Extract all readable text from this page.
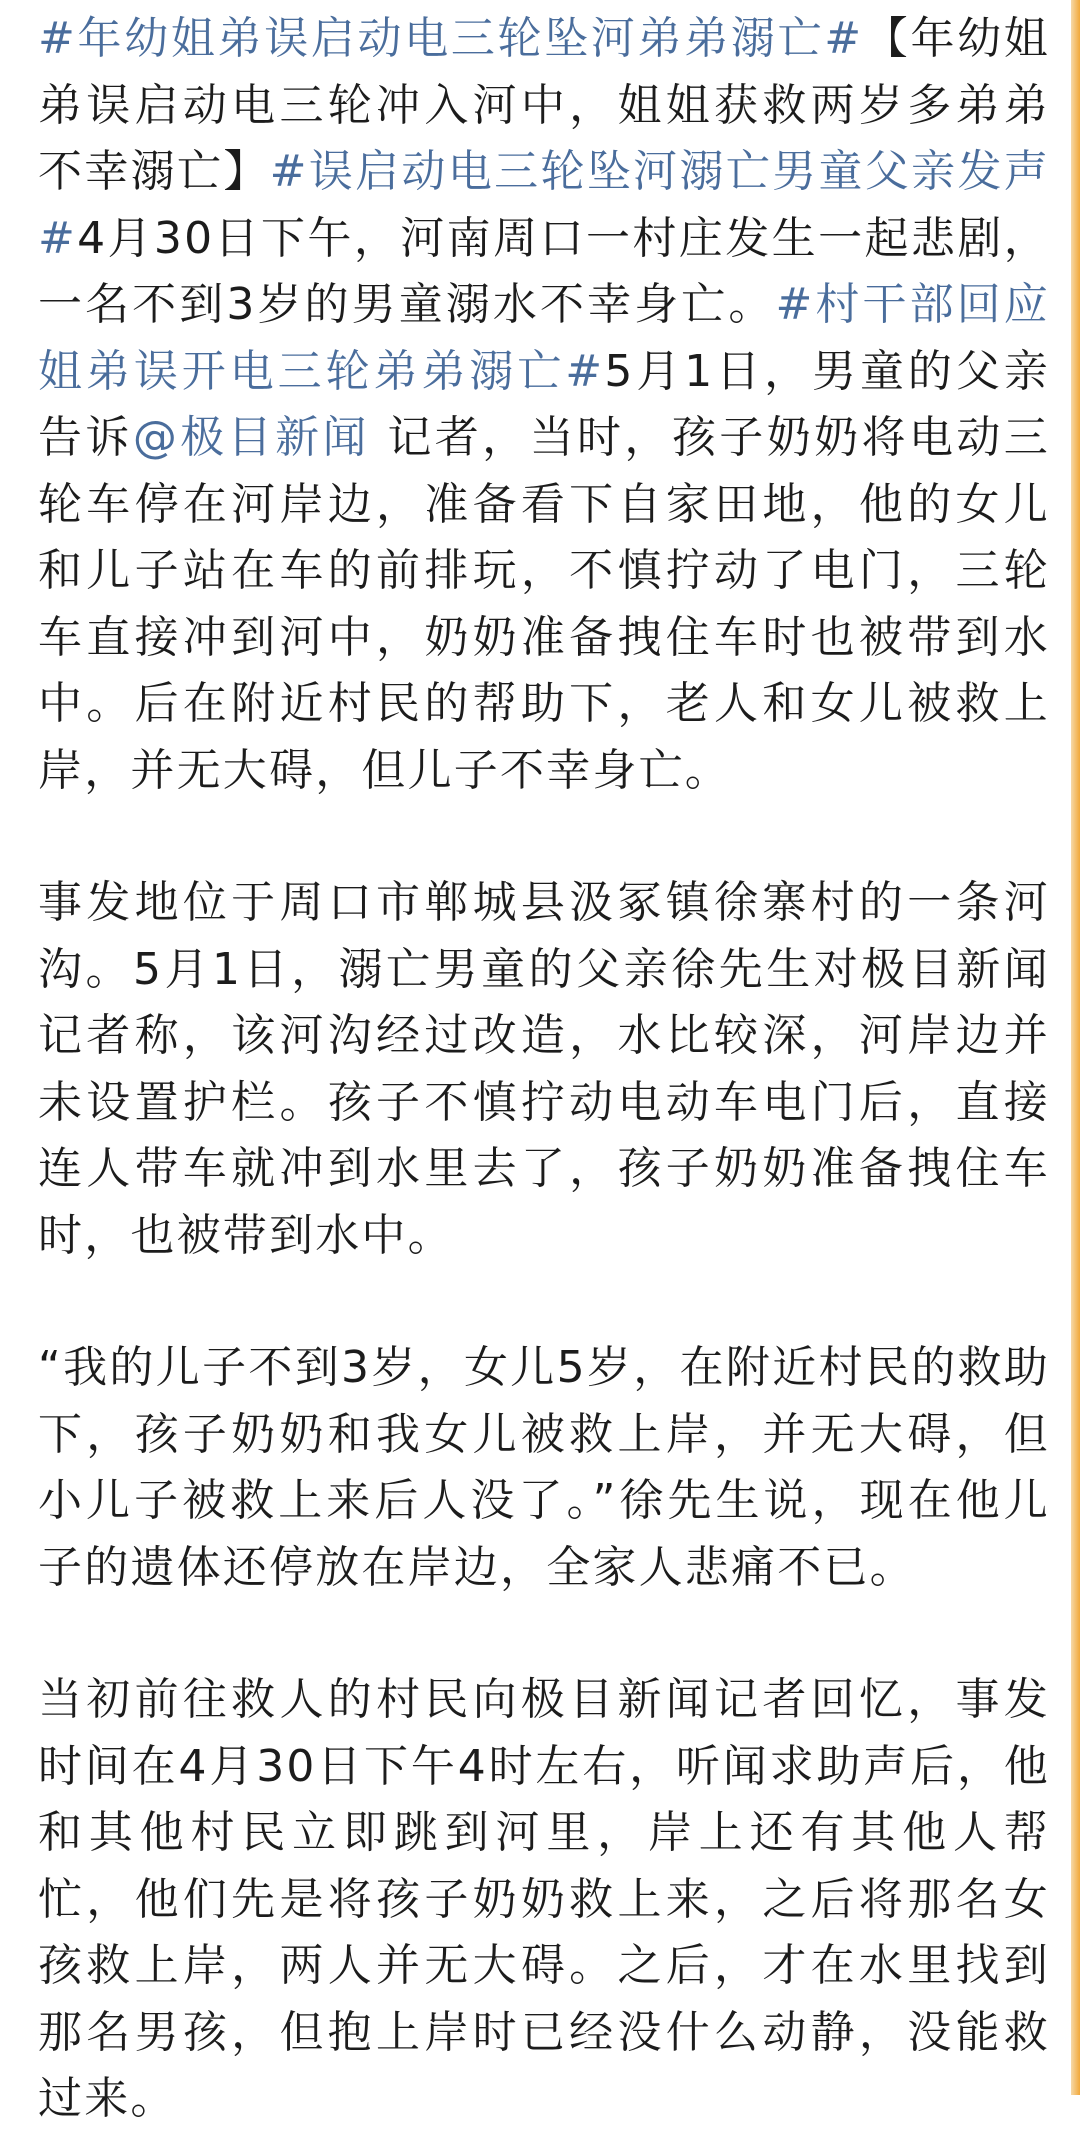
#年幼姐弟误启动电三轮坠河弟弟溺亡#【年幼姐弟误启动电三轮冲入河中，姐姐获救两岁多弟弟不幸溺亡】#误启动电三轮坠河溺亡男童父亲发声#4月30日下午，河南周口一村庄发生一起悲剧，一名不到3岁的男童溺水不幸身亡。#村干部回应姐弟误开电三轮弟弟溺亡#5月1日，男童的父亲告诉@极目新闻 记者，当时，孩子奶奶将电动三轮车停在河岸边，准备看下自家田地，他的女儿和儿子站在车的前排玩，不慎拧动了电门，三轮车直接冲到河中，奶奶准备拽住车时也被带到水中。后在附近村民的帮助下，老人和女儿被救上岸，并无大碍，但儿子不幸身亡。

事发地位于周口市郸城县汲冢镇徐寨村的一条河沟。5月1日，溺亡男童的父亲徐先生对极目新闻记者称，该河沟经过改造，水比较深，河岸边并未设置护栏。孩子不慎拧动电动车电门后，直接连人带车就冲到水里去了，孩子奶奶准备拽住车时，也被带到水中。

“我的儿子不到3岁，女儿5岁，在附近村民的救助下，孩子奶奶和我女儿被救上岸，并无大碍，但小儿子被救上来后人没了。”徐先生说，现在他儿子的遗体还停放在岸边，全家人悲痛不已。

当初前往救人的村民向极目新闻记者回忆，事发时间在4月30日下午4时左右，听闻求助声后，他和其他村民立即跳到河里，岸上还有其他人帮忙，他们先是将孩子奶奶救上来，之后将那名女孩救上岸，两人并无大碍。之后，才在水里找到那名男孩，但抱上岸时已经没什么动静，没能救过来。
